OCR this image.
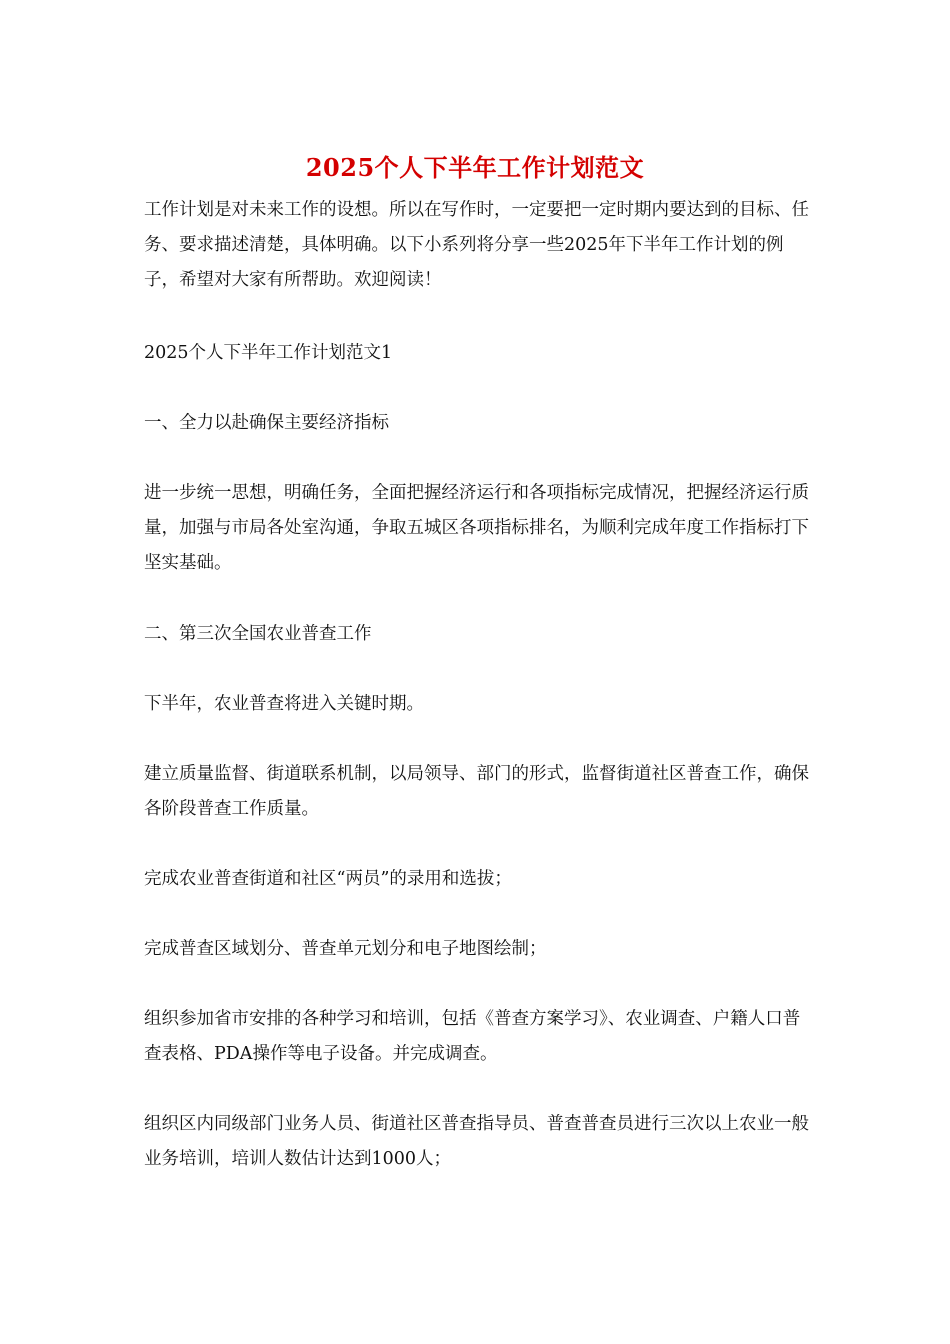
2025个人下半年工作计划范文

工作计划是对未来工作的设想。所以在写作时，一定要把一定时期内要达到的目标、任务、要求描述清楚，具体明确。以下小系列将分享一些2025年下半年工作计划的例子，希望对大家有所帮助。欢迎阅读！

2025个人下半年工作计划范文1

一、全力以赴确保主要经济指标

进一步统一思想，明确任务，全面把握经济运行和各项指标完成情况，把握经济运行质量，加强与市局各处室沟通，争取五城区各项指标排名，为顺利完成年度工作指标打下坚实基础。

二、第三次全国农业普查工作

下半年，农业普查将进入关键时期。

建立质量监督、街道联系机制，以局领导、部门的形式，监督街道社区普查工作，确保各阶段普查工作质量。

完成农业普查街道和社区“两员”的录用和选拔；

完成普查区域划分、普查单元划分和电子地图绘制；

组织参加省市安排的各种学习和培训，包括《普查方案学习》、农业调查、户籍人口普查表格、PDA操作等电子设备。并完成调查。

组织区内同级部门业务人员、街道社区普查指导员、普查普查员进行三次以上农业一般业务培训，培训人数估计达到1000人；
